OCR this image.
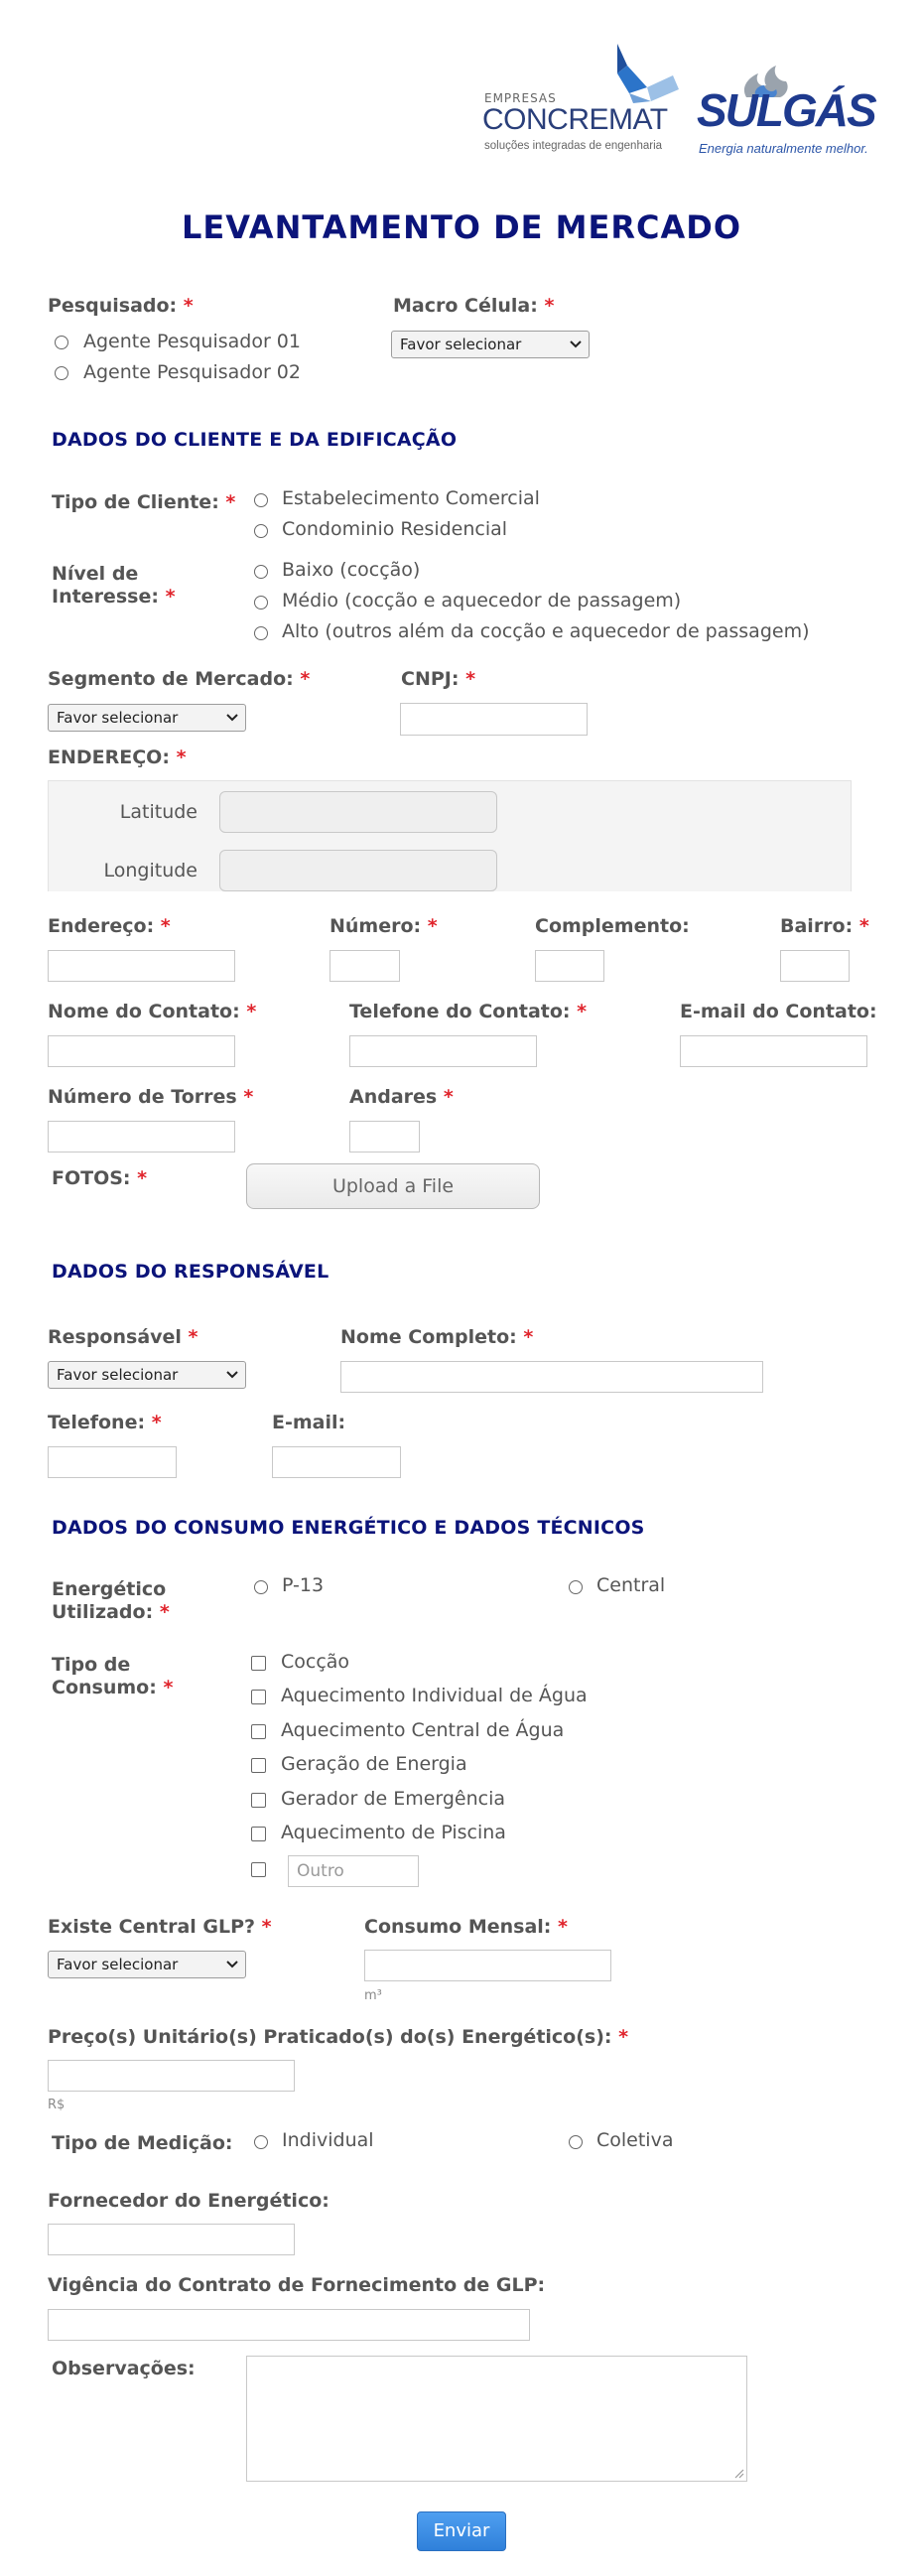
EMPRESAS
CONCREMAT
soluções integradas de engenharia
SULGÁS
Energia naturalmente melhor.
LEVANTAMENTO DE MERCADO
Pesquisado: *
Agente Pesquisador 01
Agente Pesquisador 02
Macro Célula: *
Favor selecionar
DADOS DO CLIENTE E DA EDIFICAÇÃO
Tipo de Cliente: * Estabelecimento Comercial
Condominio Residencial
Nível de Interesse: *
Baixo (cocção)
Médio (cocção e aquecedor de passagem)
Alto (outros além da cocção e aquecedor de passagem)
Segmento de Mercado: *
Favor selecionar
CNPJ: *
ENDEREÇO: *
Latitude
Longitude
Endereço: *	Número: *	Complemento:	Bairro: *
Nome do Contato: *	Telefone do Contato: *	E-mail do Contato:
Número de Torres *	Andares *
FOTOS: *	Upload a File
DADOS DO RESPONSÁVEL
Responsável *
Favor selecionar
Nome Completo: *
Telefone: *	E-mail:
DADOS DO CONSUMO ENERGÉTICO E DADOS TÉCNICOS
Energético Utilizado: *
P-13	Central
Tipo de Consumo: *
Cocção
Aquecimento Individual de Água
Aquecimento Central de Água
Geração de Energia
Gerador de Emergência
Aquecimento de Piscina
Outro
Existe Central GLP? *
Favor selecionar
Consumo Mensal: *
m³
Preço(s) Unitário(s) Praticado(s) do(s) Energético(s): *
R$
Tipo de Medição:	Individual	Coletiva
Fornecedor do Energético:
Vigência do Contrato de Fornecimento de GLP:
Observações:
Enviar
